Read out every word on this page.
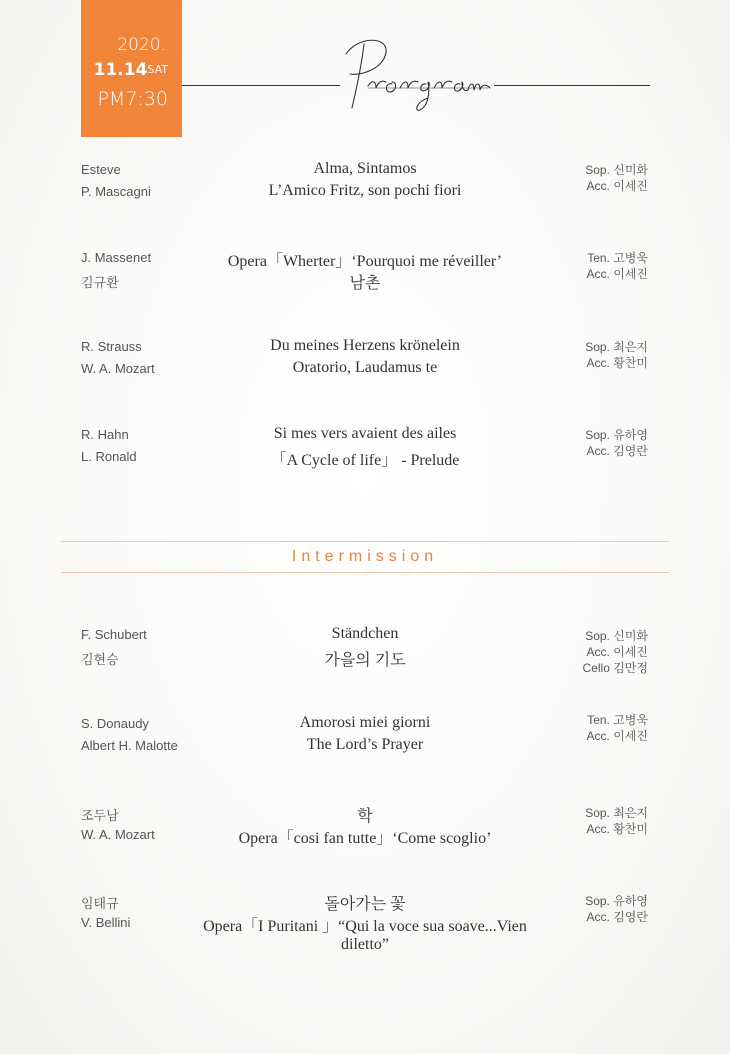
2020.
11.14SAT
PM7:30
Esteve
P. Mascagni
Alma, Sintamos
L’Amico Fritz, son pochi fiori
Sop. 신미화
Acc. 이세진
J. Massenet
김규환
Opera「Wherter」‘Pourquoi me réveiller’
남촌
Ten. 고병욱
Acc. 이세진
R. Strauss
W. A. Mozart
Du meines Herzens krönelein
Oratorio, Laudamus te
Sop. 최은지
Acc. 황찬미
R. Hahn
L. Ronald
Si mes vers avaient des ailes
「A Cycle of life」 - Prelude
Sop. 유하영
Acc. 김영란
Intermission
F. Schubert
김현승
Ständchen
가을의 기도
Sop. 신미화
Acc. 이세진
Cello 김만정
S. Donaudy
Albert H. Malotte
Amorosi miei giorni
The Lord’s Prayer
Ten. 고병욱
Acc. 이세진
조두남
W. A. Mozart
학
Opera「cosi fan tutte」‘Come scoglio’
Sop. 최은지
Acc. 황찬미
임태규
V. Bellini
돌아가는 꽃
Opera「I Puritani 」“Qui la voce sua soave...Vien diletto”
Sop. 유하영
Acc. 김영란
